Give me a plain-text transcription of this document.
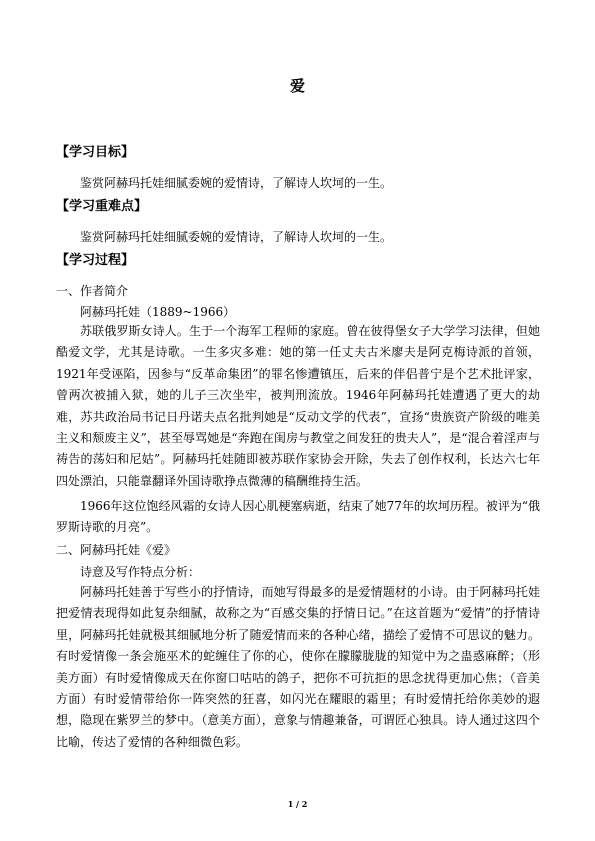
爱
【学习目标】
鉴赏阿赫玛托娃细腻委婉的爱情诗，了解诗人坎坷的一生。
【学习重难点】
鉴赏阿赫玛托娃细腻委婉的爱情诗，了解诗人坎坷的一生。
【学习过程】
一、作者简介
阿赫玛托娃（1889~1966）
苏联俄罗斯女诗人。生于一个海军工程师的家庭。曾在彼得堡女子大学学习法律，但她酷爱文学，尤其是诗歌。一生多灾多难：她的第一任丈夫古米廖夫是阿克梅诗派的首领，1921年受诬陷，因参与“反革命集团”的罪名惨遭镇压，后来的伴侣普宁是个艺术批评家，曾两次被捕入狱，她的儿子三次坐牢，被判刑流放。1946年阿赫玛托娃遭遇了更大的劫难，苏共政治局书记日丹诺夫点名批判她是“反动文学的代表”，宣扬“贵族资产阶级的唯美主义和颓废主义”，甚至辱骂她是“奔跑在闺房与教堂之间发狂的贵夫人”，是“混合着淫声与祷告的荡妇和尼姑”。阿赫玛托娃随即被苏联作家协会开除，失去了创作权利，长达六七年四处漂泊，只能靠翻译外国诗歌挣点微薄的稿酬维持生活。
1966年这位饱经风霜的女诗人因心肌梗塞病逝，结束了她77年的坎坷历程。被评为“俄罗斯诗歌的月亮”。
二、阿赫玛托娃《爱》
诗意及写作特点分析：
阿赫玛托娃善于写些小的抒情诗，而她写得最多的是爱情题材的小诗。由于阿赫玛托娃把爱情表现得如此复杂细腻，故称之为“百感交集的抒情日记。”在这首题为“爱情”的抒情诗里，阿赫玛托娃就极其细腻地分析了随爱情而来的各种心绪，描绘了爱情不可思议的魅力。有时爱情像一条会施巫术的蛇缠住了你的心，使你在朦朦胧胧的知觉中为之蛊惑麻醉；（形美方面）有时爱情像成天在你窗口咕咕的鸽子，把你不可抗拒的思念扰得更加心焦；（音美方面）有时爱情带给你一阵突然的狂喜，如闪光在耀眼的霜里；有时爱情托给你美妙的遐想，隐现在紫罗兰的梦中。（意美方面），意象与情趣兼备，可谓匠心独具。诗人通过这四个比喻，传达了爱情的各种细微色彩。
1 / 2
